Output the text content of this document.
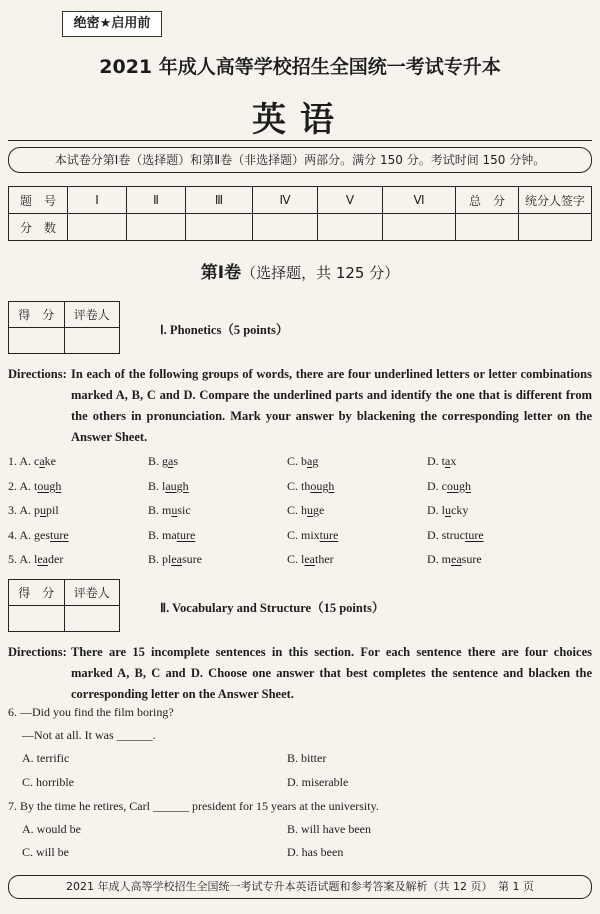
绝密★启用前
2021 年成人高等学校招生全国统一考试专升本
英语
本试卷分第Ⅰ卷（选择题）和第Ⅱ卷（非选择题）两部分。满分 150 分。考试时间 150 分钟。
题　号	Ⅰ	Ⅱ	Ⅲ	Ⅳ	Ⅴ	Ⅵ	总　分	统分人签字
分　数								
第Ⅰ卷（选择题，共 125 分）
得　分	评卷人

Ⅰ. Phonetics（5 points）
Directions: In each of the following groups of words, there are four underlined letters or letter combinations marked A, B, C and D. Compare the underlined parts and identify the one that is different from the others in pronunciation. Mark your answer by blackening the corresponding letter on the Answer Sheet.
1. A. cake	B. gas	C. bag	D. tax
2. A. tough	B. laugh	C. though	D. cough
3. A. pupil	B. music	C. huge	D. lucky
4. A. gesture	B. mature	C. mixture	D. structure
5. A. leader	B. pleasure	C. leather	D. measure
得　分	评卷人

Ⅱ. Vocabulary and Structure（15 points）
Directions: There are 15 incomplete sentences in this section. For each sentence there are four choices marked A, B, C and D. Choose one answer that best completes the sentence and blacken the corresponding letter on the Answer Sheet.
6. —Did you find the film boring?
—Not at all. It was ______.
A. terrific	B. bitter
C. horrible	D. miserable
7. By the time he retires, Carl ______ president for 15 years at the university.
A. would be	B. will have been
C. will be	D. has been
2021 年成人高等学校招生全国统一考试专升本英语试题和参考答案及解析（共 12 页）　第 1 页
